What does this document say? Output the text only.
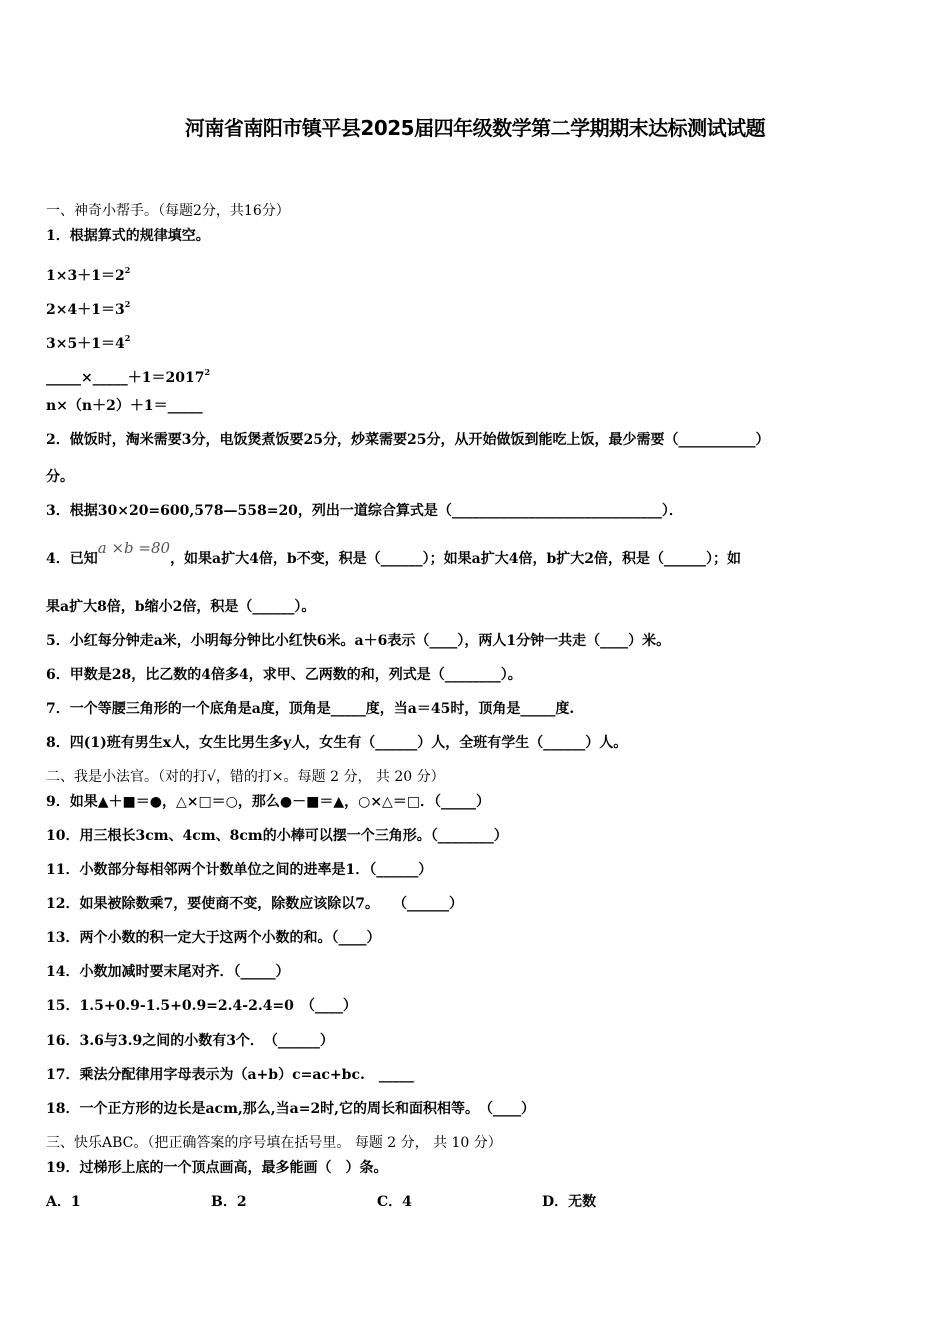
河南省南阳市镇平县2025届四年级数学第二学期期末达标测试试题
一、神奇小帮手。（每题2分，共16分）
1．根据算式的规律填空。
$1\times 3+1=2^2$
$2\times 4+1=3^2$
$3\times 5+1=4^2$
$\_\_\_\_\_\times\_\_\_\_\_+1=2017^2$
n×（n＋2）＋1＝_____
2．做饭时，淘米需要3分，电饭煲煮饭要25分，炒菜需要25分，从开始做饭到能吃上饭，最少需要（___________）
分。
3．根据30×20=600,578—558=20，列出一道综合算式是（______________________________）．
4．已知a ×b =80，如果a扩大4倍，b不变，积是（______）；如果a扩大4倍，b扩大2倍，积是（______）；如
果a扩大8倍，b缩小2倍，积是（______）。
5．小红每分钟走a米，小明每分钟比小红快6米。a＋6表示（____），两人1分钟一共走（____）米。
6．甲数是28，比乙数的4倍多4，求甲、乙两数的和，列式是（________）。
7．一个等腰三角形的一个底角是a度，顶角是_____度，当a＝45时，顶角是_____度.
8．四(1)班有男生x人，女生比男生多y人，女生有（______）人，全班有学生（______）人。
二、我是小法官。（对的打√，错的打×。每题 2 分， 共 20 分）
9．如果▲＋■＝●，△×□＝○，那么●－■＝▲，○×△＝□．（_____）
10．用三根长3cm、4cm、8cm的小棒可以摆一个三角形。（________）
11．小数部分每相邻两个计数单位之间的进率是1．（______）
12．如果被除数乘7，要使商不变，除数应该除以7。　　（______）
13．两个小数的积一定大于这两个小数的和。（____）
14．小数加减时要末尾对齐．（_____）
15．1.5+0.9-1.5+0.9=2.4-2.4=0　（____）
16．3.6与3.9之间的小数有3个．　（______）
17．乘法分配律用字母表示为（a+b）c=ac+bc.　_____
18．一个正方形的边长是acm,那么,当a=2时,它的周长和面积相等。　（____）
三、快乐ABC。（把正确答案的序号填在括号里。 每题 2 分， 共 10 分）
19．过梯形上底的一个顶点画高，最多能画（　）条。
A．1	B．2	C．4	D．无数
